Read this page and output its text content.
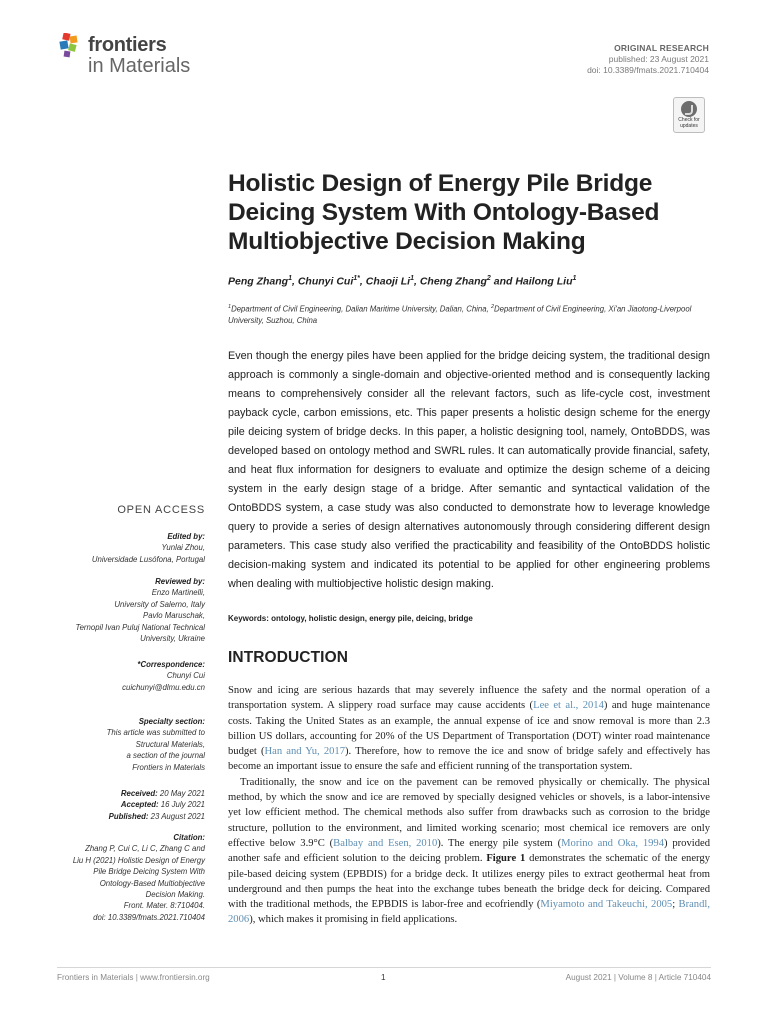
frontiers
in Materials
ORIGINAL RESEARCH
published: 23 August 2021
doi: 10.3389/fmats.2021.710404
Check for updates
Holistic Design of Energy Pile Bridge Deicing System With Ontology-Based Multiobjective Decision Making
Peng Zhang$^1$, Chunyi Cui$^{1*}$, Chaoji Li$^1$, Cheng Zhang$^2$ and Hailong Liu$^1$
$^1$Department of Civil Engineering, Dalian Maritime University, Dalian, China, $^2$Department of Civil Engineering, Xi'an Jiaotong-Liverpool University, Suzhou, China
Even though the energy piles have been applied for the bridge deicing system, the traditional design approach is commonly a single-domain and objective-oriented method and is consequently lacking means to comprehensively consider all the relevant factors, such as life-cycle cost, investment payback cycle, carbon emissions, etc. This paper presents a holistic design scheme for the energy pile deicing system of bridge decks. In this paper, a holistic designing tool, namely, OntoBDDS, was developed based on ontology method and SWRL rules. It can automatically provide financial, safety, and heat flux information for designers to evaluate and optimize the design scheme of a deicing system in the early design stage of a bridge. After semantic and syntactical validation of the OntoBDDS system, a case study was also conducted to demonstrate how to leverage knowledge query to provide a series of design alternatives autonomously through considering different design parameters. This case study also verified the practicability and feasibility of the OntoBDDS holistic decision-making system and indicated its potential to be applied for other engineering problems when dealing with multiobjective holistic design making.
Keywords: ontology, holistic design, energy pile, deicing, bridge
INTRODUCTION

Snow and icing are serious hazards that may severely influence the safety and the normal operation of a transportation system. A slippery road surface may cause accidents (Lee et al., 2014) and huge maintenance costs. Taking the United States as an example, the annual expense of ice and snow removal is more than 2.3 billion US dollars, accounting for 20% of the US Department of Transportation (DOT) winter road maintenance budget (Han and Yu, 2017). Therefore, how to remove the ice and snow of bridge safely and effectively has become an important issue to ensure the safe and efficient running of the transportation system.

Traditionally, the snow and ice on the pavement can be removed physically or chemically. The physical method, by which the snow and ice are removed by specially designed vehicles or shovels, is a labor-intensive yet low efficient method. The chemical methods also suffer from drawbacks such as corrosion to the bridge structure, pollution to the environment, and limited working scenario; most chemical ice removers are only effective below 3.9°C (Balbay and Esen, 2010). The energy pile system (Morino and Oka, 1994) provided another safe and efficient solution to the deicing problem. Figure 1 demonstrates the schematic of the energy pile-based deicing system (EPBDIS) for a bridge deck. It utilizes energy piles to extract geothermal heat from underground and then pumps the heat into the exchange tubes beneath the bridge deck for deicing. Compared with the traditional methods, the EPBDIS is labor-free and ecofriendly (Miyamoto and Takeuchi, 2005; Brandl, 2006), which makes it promising in field applications.

OPEN ACCESS
Edited by:
Yunlai Zhou,
Universidade Lusófona, Portugal
Reviewed by:
Enzo Martinelli,
University of Salerno, Italy
Pavlo Maruschak,
Ternopil Ivan Puluj National Technical
University, Ukraine
*Correspondence:
Chunyi Cui
cuichunyi@dlmu.edu.cn
Specialty section:
This article was submitted to
Structural Materials,
a section of the journal
Frontiers in Materials
Received: 20 May 2021
Accepted: 16 July 2021
Published: 23 August 2021
Citation:
Zhang P, Cui C, Li C, Zhang C and
Liu H (2021) Holistic Design of Energy
Pile Bridge Deicing System With
Ontology-Based Multiobjective
Decision Making.
Front. Mater. 8:710404.
doi: 10.3389/fmats.2021.710404
Frontiers in Materials | www.frontiersin.org	1	August 2021 | Volume 8 | Article 710404
